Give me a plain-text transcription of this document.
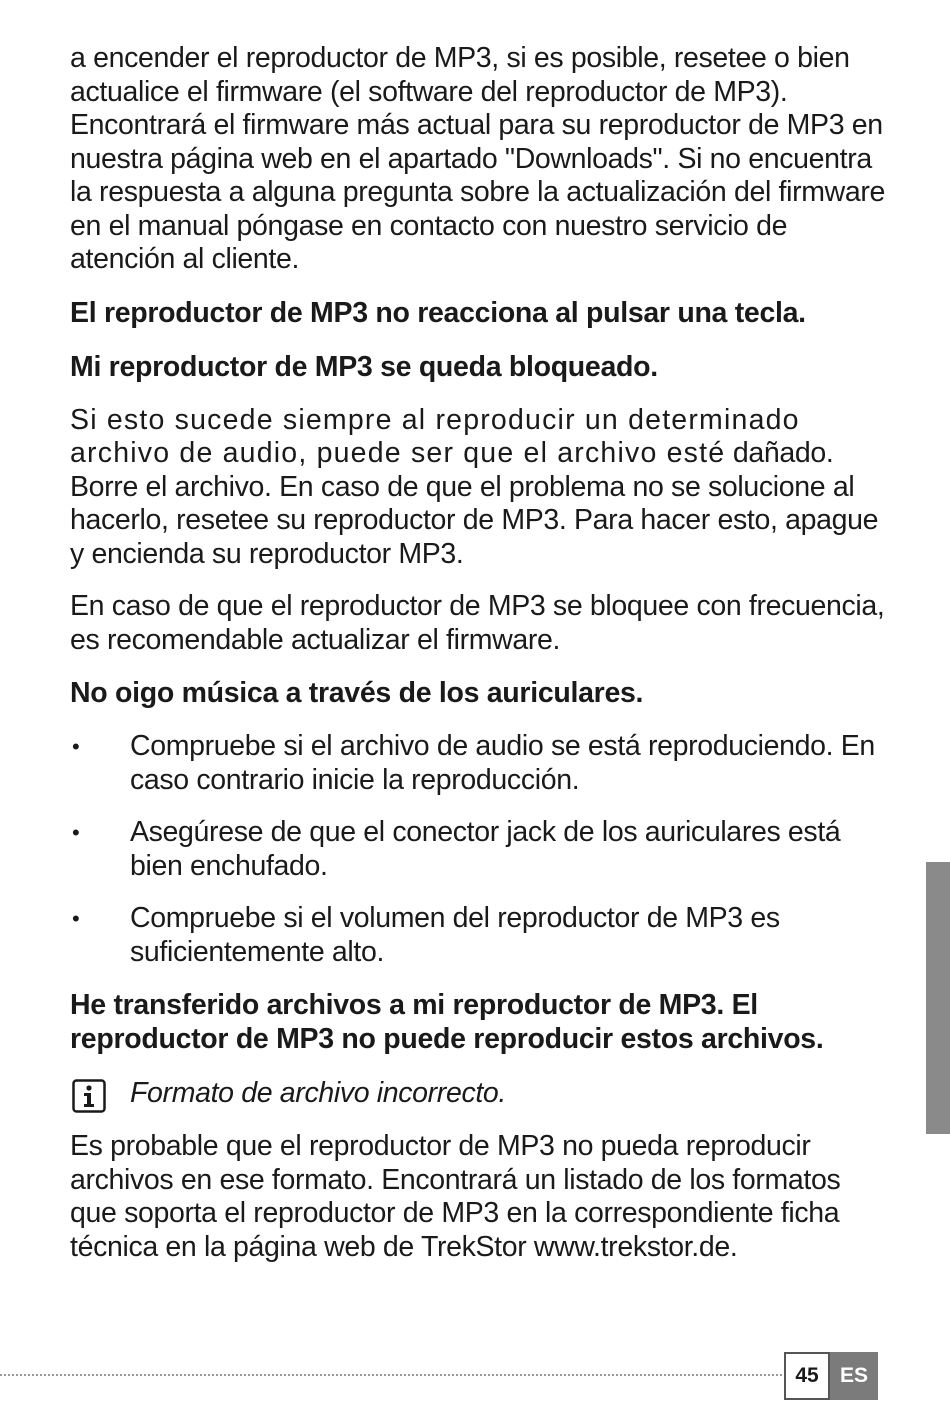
a encender el reproductor de MP3, si es posible, resetee o bien actualice el firmware (el software del reproductor de MP3). Encontrará el firmware más actual para su reproductor de MP3 en nuestra página web en el apartado "Downloads". Si no encuentra la respuesta a alguna pregunta sobre la actualización del firmware en el manual póngase en contacto con nuestro servicio de atención al cliente.

El reproductor de MP3 no reacciona al pulsar una tecla.
Mi reproductor de MP3 se queda bloqueado.

Si esto sucede siempre al reproducir un determinado archivo de audio, puede ser que el archivo esté dañado. Borre el archivo. En caso de que el problema no se solucione al hacerlo, resetee su reproductor de MP3. Para hacer esto, apague y encienda su reproductor MP3.

En caso de que el reproductor de MP3 se bloquee con frecuencia, es recomendable actualizar el firmware.

No oigo música a través de los auriculares.
• Compruebe si el archivo de audio se está reproduciendo. En caso contrario inicie la reproducción.
• Asegúrese de que el conector jack de los auriculares está bien enchufado.
• Compruebe si el volumen del reproductor de MP3 es suficientemente alto.
He transferido archivos a mi reproductor de MP3. El reproductor de MP3 no puede reproducir estos archivos.
Formato de archivo incorrecto.

Es probable que el reproductor de MP3 no pueda reproducir archivos en ese formato. Encontrará un listado de los formatos que soporta el reproductor de MP3 en la correspondiente ficha técnica en la página web de TrekStor www.trekstor.de.

45	ES
